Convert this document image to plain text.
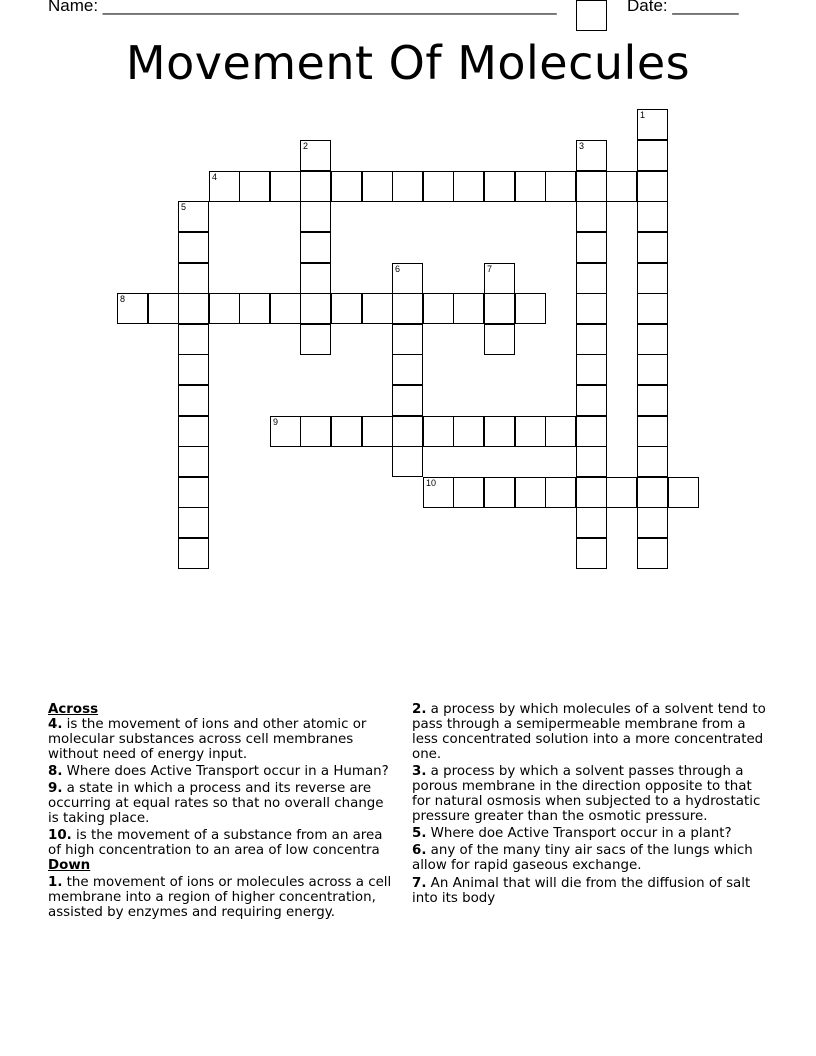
Name: ________________________________________________	Date: _______
Movement Of Molecules
1
2	3
4
5
6	7
8
9
10
Across
4. is the movement of ions and other atomic or molecular substances across cell membranes without need of energy input.
8. Where does Active Transport occur in a Human?
9. a state in which a process and its reverse are occurring at equal rates so that no overall change is taking place.
10. is the movement of a substance from an area of high concentration to an area of low concentra
Down
1. the movement of ions or molecules across a cell membrane into a region of higher concentration, assisted by enzymes and requiring energy.
2. a process by which molecules of a solvent tend to pass through a semipermeable membrane from a less concentrated solution into a more concentrated one.
3. a process by which a solvent passes through a porous membrane in the direction opposite to that for natural osmosis when subjected to a hydrostatic pressure greater than the osmotic pressure.
5. Where doe Active Transport occur in a plant?
6. any of the many tiny air sacs of the lungs which allow for rapid gaseous exchange.
7. An Animal that will die from the diffusion of salt into its body
